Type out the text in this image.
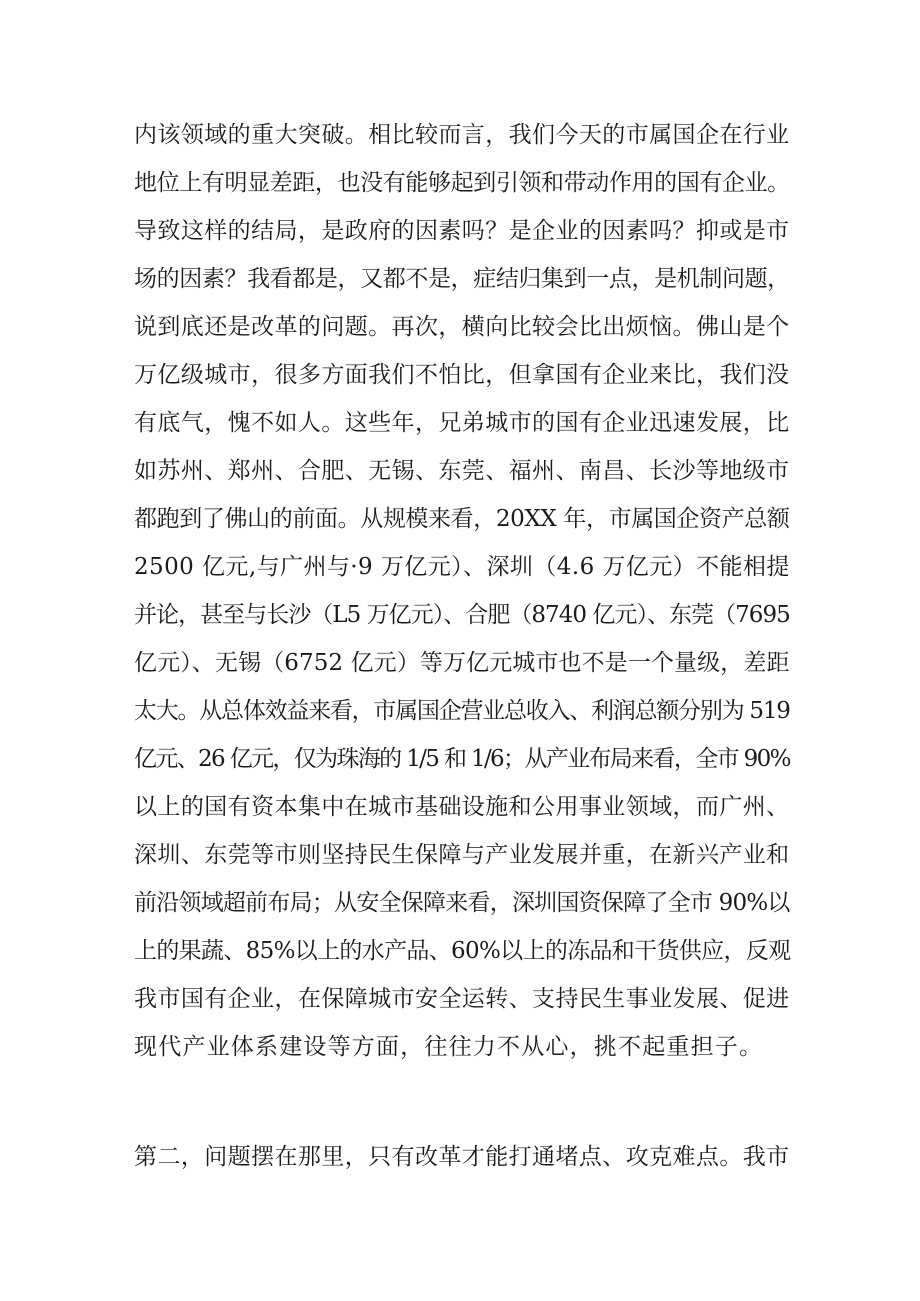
内该领域的重大突破。相比较而言，我们今天的市属国企在行业
地位上有明显差距，也没有能够起到引领和带动作用的国有企业。
导致这样的结局，是政府的因素吗？是企业的因素吗？抑或是市
场的因素？我看都是，又都不是，症结归集到一点，是机制问题，
说到底还是改革的问题。再次，横向比较会比出烦恼。佛山是个
万亿级城市，很多方面我们不怕比，但拿国有企业来比，我们没
有底气，愧不如人。这些年，兄弟城市的国有企业迅速发展，比
如苏州、郑州、合肥、无锡、东莞、福州、南昌、长沙等地级市
都跑到了佛山的前面。从规模来看，20XX 年，市属国企资产总额
2500 亿元,与广州与·9 万亿元）、深圳（4.6 万亿元）不能相提
并论，甚至与长沙（L5 万亿元）、合肥（8740 亿元）、东莞（7695
亿元）、无锡（6752 亿元）等万亿元城市也不是一个量级，差距
太大。从总体效益来看，市属国企营业总收入、利润总额分别为 519
亿元、26 亿元，仅为珠海的 1/5 和 1/6；从产业布局来看，全市 90%
以上的国有资本集中在城市基础设施和公用事业领域，而广州、
深圳、东莞等市则坚持民生保障与产业发展并重，在新兴产业和
前沿领域超前布局；从安全保障来看，深圳国资保障了全市 90%以
上的果蔬、85%以上的水产品、60%以上的冻品和干货供应，反观
我市国有企业，在保障城市安全运转、支持民生事业发展、促进
现代产业体系建设等方面，往往力不从心，挑不起重担子。
第二，问题摆在那里，只有改革才能打通堵点、攻克难点。我市
